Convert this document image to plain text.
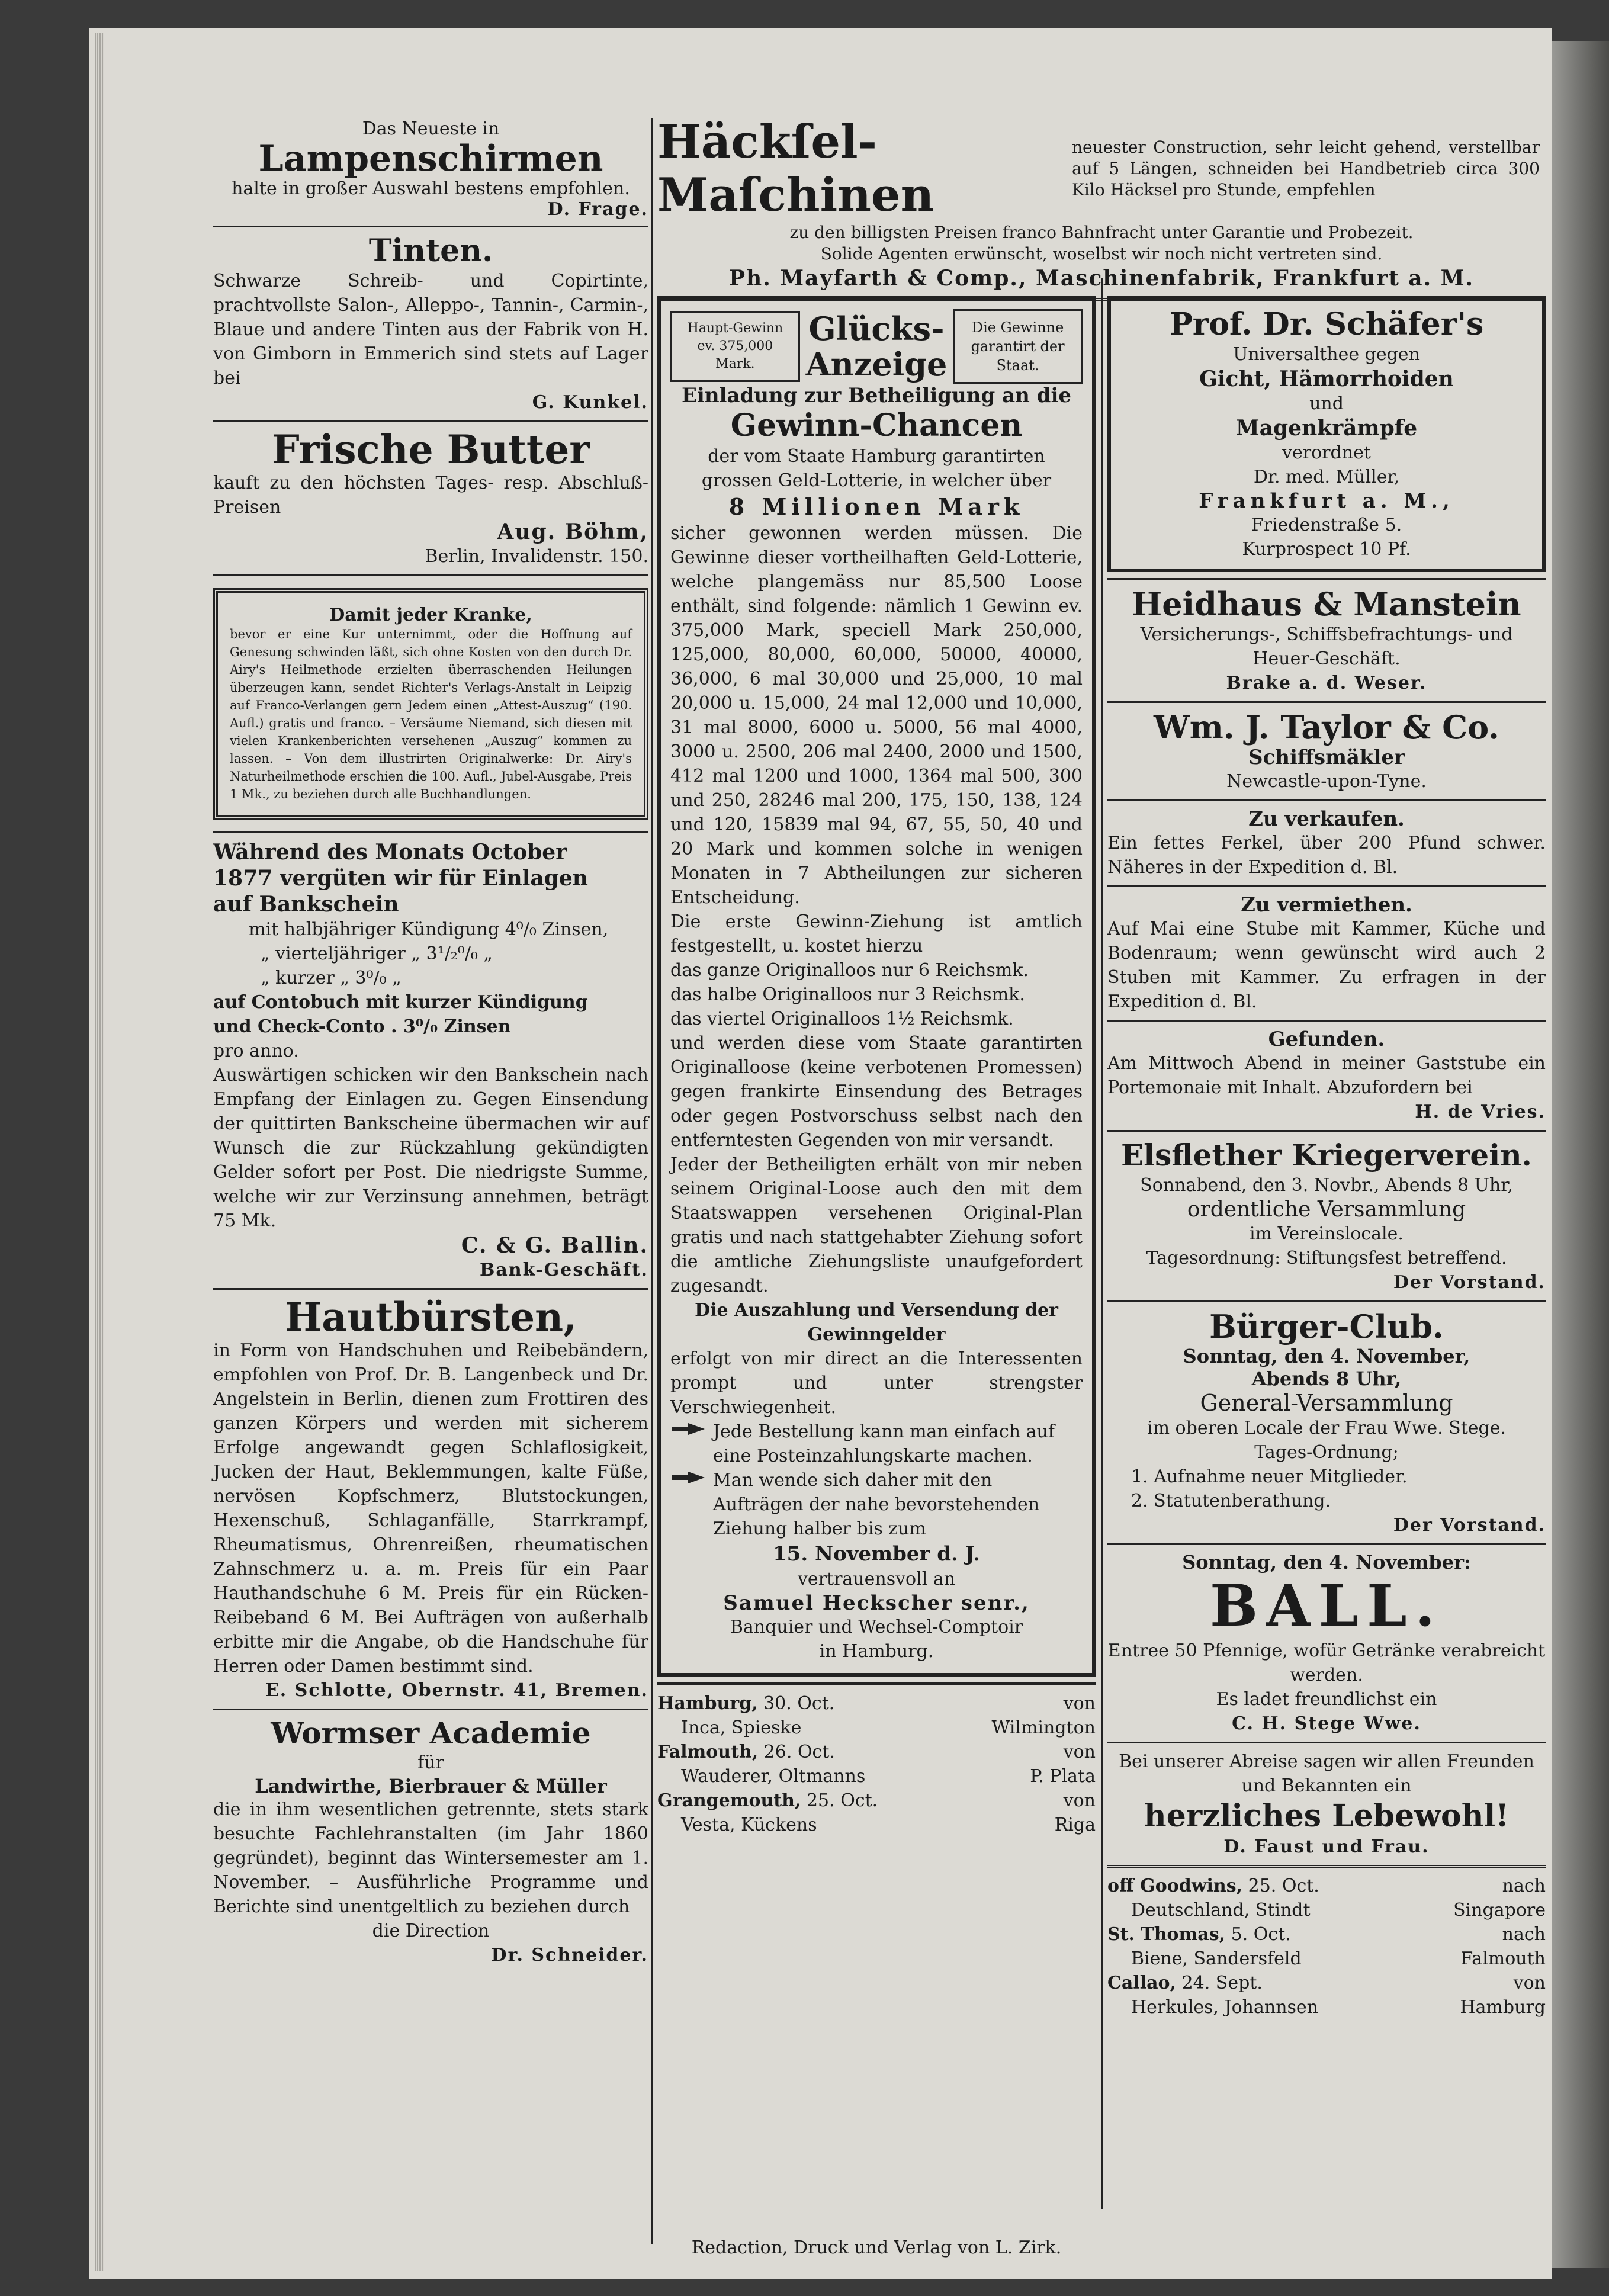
Das Neueste in
Lampenschirmen
halte in großer Auswahl bestens empfohlen.
D. Frage.
Tinten.
Schwarze Schreib- und Copirtinte, prachtvollste Salon-, Alleppo-, Tannin-, Carmin-, Blaue und andere Tinten aus der Fabrik von H. von Gimborn in Emmerich sind stets auf Lager bei
G. Kunkel.
Frische Butter
kauft zu den höchsten Tages- resp. Abschluß-Preisen
Aug. Böhm,
Berlin, Invalidenstr. 150.
Damit jeder Kranke,
bevor er eine Kur unternimmt, oder die Hoffnung auf Genesung schwinden läßt, sich ohne Kosten von den durch Dr. Airy's Heilmethode erzielten überraschenden Heilungen überzeugen kann, sendet Richter's Verlags-Anstalt in Leipzig auf Franco-Verlangen gern Jedem einen „Attest-Auszug“ (190. Aufl.) gratis und franco. – Versäume Niemand, sich diesen mit vielen Krankenberichten versehenen „Auszug“ kommen zu lassen. – Von dem illustrirten Originalwerke: Dr. Airy's Naturheilmethode erschien die 100. Aufl., Jubel-Ausgabe, Preis 1 Mk., zu beziehen durch alle Buchhandlungen.
Während des Monats October
1877 vergüten wir für Einlagen
auf Bankschein
mit halbjähriger Kündigung 4⁰/₀ Zinsen,
„ vierteljähriger „ 3¹/₂⁰/₀ „
„ kurzer „ 3⁰/₀ „
auf Contobuch mit kurzer Kündigung
und Check-Conto . 3⁰/₀ Zinsen
pro anno.
Auswärtigen schicken wir den Bankschein nach Empfang der Einlagen zu. Gegen Einsendung der quittirten Bankscheine übermachen wir auf Wunsch die zur Rückzahlung gekündigten Gelder sofort per Post. Die niedrigste Summe, welche wir zur Verzinsung annehmen, beträgt 75 Mk.
C. & G. Ballin.
Bank-Geschäft.
Hautbürsten,
in Form von Handschuhen und Reibebändern, empfohlen von Prof. Dr. B. Langenbeck und Dr. Angelstein in Berlin, dienen zum Frottiren des ganzen Körpers und werden mit sicherem Erfolge angewandt gegen Schlaflosigkeit, Jucken der Haut, Beklemmungen, kalte Füße, nervösen Kopfschmerz, Blutstockungen, Hexenschuß, Schlaganfälle, Starrkrampf, Rheumatismus, Ohrenreißen, rheumatischen Zahnschmerz u. a. m. Preis für ein Paar Hauthandschuhe 6 M. Preis für ein Rücken-Reibeband 6 M. Bei Aufträgen von außerhalb erbitte mir die Angabe, ob die Handschuhe für Herren oder Damen bestimmt sind.
E. Schlotte, Obernstr. 41, Bremen.
Wormser Academie
für
Landwirthe, Bierbrauer & Müller
die in ihm wesentlichen getrennte, stets stark besuchte Fachlehranstalten (im Jahr 1860 gegründet), beginnt das Wintersemester am 1. November. – Ausführliche Programme und Berichte sind unentgeltlich zu beziehen durch
die Direction
Dr. Schneider.
Häckſel-Maſchinen
neuester Construction, sehr leicht gehend, verstellbar auf 5 Längen, schneiden bei Handbetrieb circa 300 Kilo Häcksel pro Stunde, empfehlen
zu den billigsten Preisen franco Bahnfracht unter Garantie und Probezeit.
Solide Agenten erwünscht, woselbst wir noch nicht vertreten sind.
Ph. Mayfarth & Comp., Maschinenfabrik, Frankfurt a. M.
Haupt-Gewinn ev. 375,000 Mark.
Glücks-Anzeige
Die Gewinne garantirt der Staat.
Einladung zur Betheiligung an die
Gewinn-Chancen
der vom Staate Hamburg garantirten grossen Geld-Lotterie, in welcher über
8 Millionen Mark
sicher gewonnen werden müssen. Die Gewinne dieser vortheilhaften Geld-Lotterie, welche plangemäss nur 85,500 Loose enthält, sind folgende: nämlich 1 Gewinn ev. 375,000 Mark, speciell Mark 250,000, 125,000, 80,000, 60,000, 50000, 40000, 36,000, 6 mal 30,000 und 25,000, 10 mal 20,000 u. 15,000, 24 mal 12,000 und 10,000, 31 mal 8000, 6000 u. 5000, 56 mal 4000, 3000 u. 2500, 206 mal 2400, 2000 und 1500, 412 mal 1200 und 1000, 1364 mal 500, 300 und 250, 28246 mal 200, 175, 150, 138, 124 und 120, 15839 mal 94, 67, 55, 50, 40 und 20 Mark und kommen solche in wenigen Monaten in 7 Abtheilungen zur sicheren Entscheidung.
Die erste Gewinn-Ziehung ist amtlich festgestellt, u. kostet hierzu
das ganze Originalloos nur 6 Reichsmk.
das halbe Originalloos nur 3 Reichsmk.
das viertel Originalloos 1½ Reichsmk.
und werden diese vom Staate garantirten Originalloose (keine verbotenen Promessen) gegen frankirte Einsendung des Betrages oder gegen Postvorschuss selbst nach den entferntesten Gegenden von mir versandt.
Jeder der Betheiligten erhält von mir neben seinem Original-Loose auch den mit dem Staatswappen versehenen Original-Plan gratis und nach stattgehabter Ziehung sofort die amtliche Ziehungsliste unaufgefordert zugesandt.
Die Auszahlung und Versendung der Gewinngelder
erfolgt von mir direct an die Interessenten prompt und unter strengster Verschwiegenheit.
Jede Bestellung kann man einfach auf eine Posteinzahlungskarte machen.
Man wende sich daher mit den Aufträgen der nahe bevorstehenden Ziehung halber bis zum
15. November d. J.
vertrauensvoll an
Samuel Heckscher senr.,
Banquier und Wechsel-Comptoir
in Hamburg.
Hamburg, 30. Oct.	von
Inca, Spieske	Wilmington
Falmouth, 26. Oct.	von
Wauderer, Oltmanns	P. Plata
Grangemouth, 25. Oct.	von
Vesta, Kückens	Riga
Prof. Dr. Schäfer's
Universalthee gegen
Gicht, Hämorrhoiden
und
Magenkrämpfe
verordnet
Dr. med. Müller,
Frankfurt a. M.,
Friedenstraße 5.
Kurprospect 10 Pf.
Heidhaus & Manstein
Versicherungs-, Schiffsbefrachtungs- und Heuer-Geschäft.
Brake a. d. Weser.
Wm. J. Taylor & Co.
Schiffsmäkler
Newcastle-upon-Tyne.
Zu verkaufen.
Ein fettes Ferkel, über 200 Pfund schwer. Näheres in der Expedition d. Bl.
Zu vermiethen.
Auf Mai eine Stube mit Kammer, Küche und Bodenraum; wenn gewünscht wird auch 2 Stuben mit Kammer. Zu erfragen in der Expedition d. Bl.
Gefunden.
Am Mittwoch Abend in meiner Gaststube ein Portemonaie mit Inhalt. Abzufordern bei
H. de Vries.
Elsflether Kriegerverein.
Sonnabend, den 3. Novbr., Abends 8 Uhr,
ordentliche Versammlung
im Vereinslocale.
Tagesordnung: Stiftungsfest betreffend.
Der Vorstand.
Bürger-Club.
Sonntag, den 4. November,
Abends 8 Uhr,
General-Versammlung
im oberen Locale der Frau Wwe. Stege.
Tages-Ordnung;
1. Aufnahme neuer Mitglieder.
2. Statutenberathung.
Der Vorstand.
Sonntag, den 4. November:
BALL.
Entree 50 Pfennige, wofür Getränke verabreicht werden.
Es ladet freundlichst ein
C. H. Stege Wwe.
Bei unserer Abreise sagen wir allen Freunden und Bekannten ein
herzliches Lebewohl!
D. Faust und Frau.
off Goodwins, 25. Oct.	nach
Deutschland, Stindt	Singapore
St. Thomas, 5. Oct.	nach
Biene, Sandersfeld	Falmouth
Callao, 24. Sept.	von
Herkules, Johannsen	Hamburg
Redaction, Druck und Verlag von L. Zirk.
